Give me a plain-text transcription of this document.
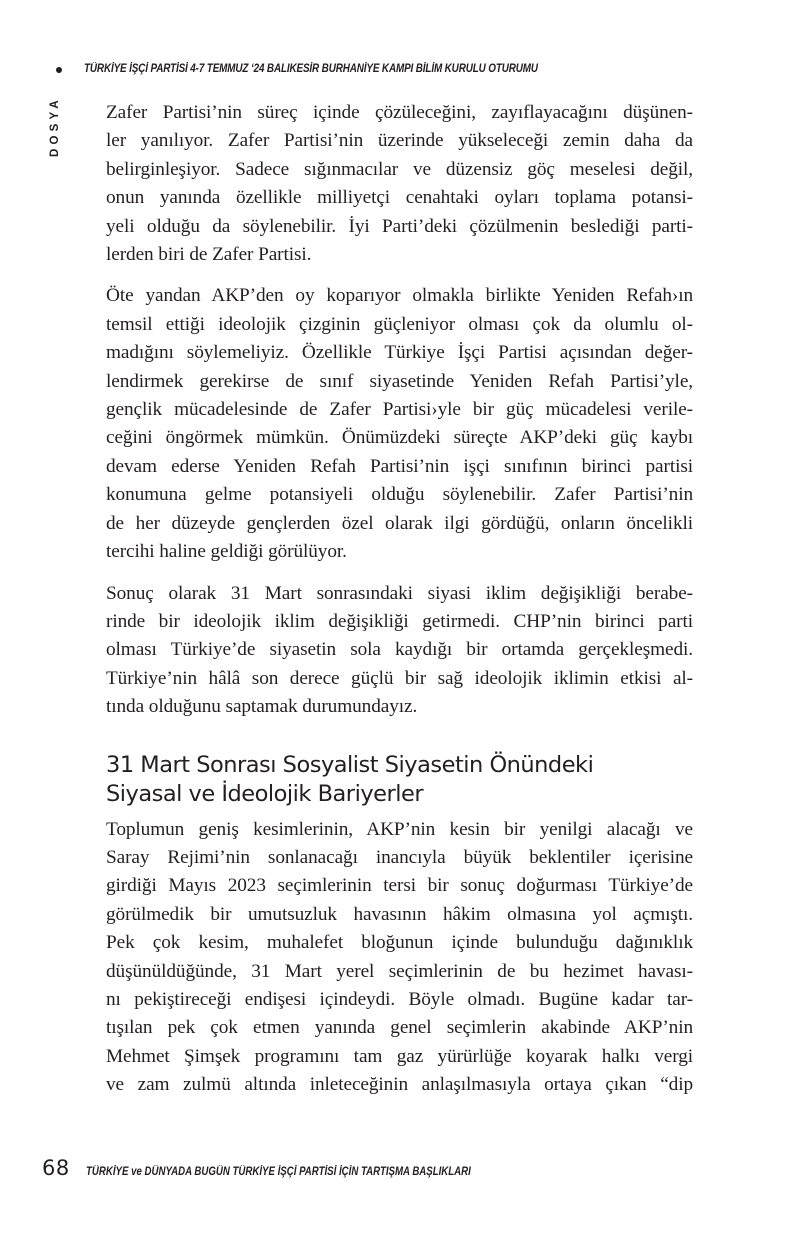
TÜRKİYE İŞÇİ PARTİSİ 4-7 TEMMUZ ‘24 BALIKESİR BURHANİYE KAMPI BİLİM KURULU OTURUMU
DOSYA Zafer Partisi’nin süreç içinde çözüleceğini, zayıflayacağını düşünen-
ler yanılıyor. Zafer Partisi’nin üzerinde yükseleceği zemin daha da
belirginleşiyor. Sadece sığınmacılar ve düzensiz göç meselesi değil,
onun yanında özellikle milliyetçi cenahtaki oyları toplama potansi-
yeli olduğu da söylenebilir. İyi Parti’deki çözülmenin beslediği parti-
lerden biri de Zafer Partisi.

Öte yandan AKP’den oy koparıyor olmakla birlikte Yeniden Refah›ın
temsil ettiği ideolojik çizginin güçleniyor olması çok da olumlu ol-
madığını söylemeliyiz. Özellikle Türkiye İşçi Partisi açısından değer-
lendirmek gerekirse de sınıf siyasetinde Yeniden Refah Partisi’yle,
gençlik mücadelesinde de Zafer Partisi›yle bir güç mücadelesi verile-
ceğini öngörmek mümkün. Önümüzdeki süreçte AKP’deki güç kaybı
devam ederse Yeniden Refah Partisi’nin işçi sınıfının birinci partisi
konumuna gelme potansiyeli olduğu söylenebilir. Zafer Partisi’nin
de her düzeyde gençlerden özel olarak ilgi gördüğü, onların öncelikli
tercihi haline geldiği görülüyor.

Sonuç olarak 31 Mart sonrasındaki siyasi iklim değişikliği berabe-
rinde bir ideolojik iklim değişikliği getirmedi. CHP’nin birinci parti
olması Türkiye’de siyasetin sola kaydığı bir ortamda gerçekleşmedi.
Türkiye’nin hâlâ son derece güçlü bir sağ ideolojik iklimin etkisi al-
tında olduğunu saptamak durumundayız.

31 Mart Sonrası Sosyalist Siyasetin Önündeki
Siyasal ve İdeolojik Bariyerler

Toplumun geniş kesimlerinin, AKP’nin kesin bir yenilgi alacağı ve
Saray Rejimi’nin sonlanacağı inancıyla büyük beklentiler içerisine
girdiği Mayıs 2023 seçimlerinin tersi bir sonuç doğurması Türkiye’de
görülmedik bir umutsuzluk havasının hâkim olmasına yol açmıştı.
Pek çok kesim, muhalefet bloğunun içinde bulunduğu dağınıklık
düşünüldüğünde, 31 Mart yerel seçimlerinin de bu hezimet havası-
nı pekiştireceği endişesi içindeydi. Böyle olmadı. Bugüne kadar tar-
tışılan pek çok etmen yanında genel seçimlerin akabinde AKP’nin
Mehmet Şimşek programını tam gaz yürürlüğe koyarak halkı vergi
ve zam zulmü altında inleteceğinin anlaşılmasıyla ortaya çıkan “dip

68 TÜRKİYE ve DÜNYADA BUGÜN TÜRKİYE İŞÇİ PARTİSİ İÇİN TARTIŞMA BAŞLIKLARI
